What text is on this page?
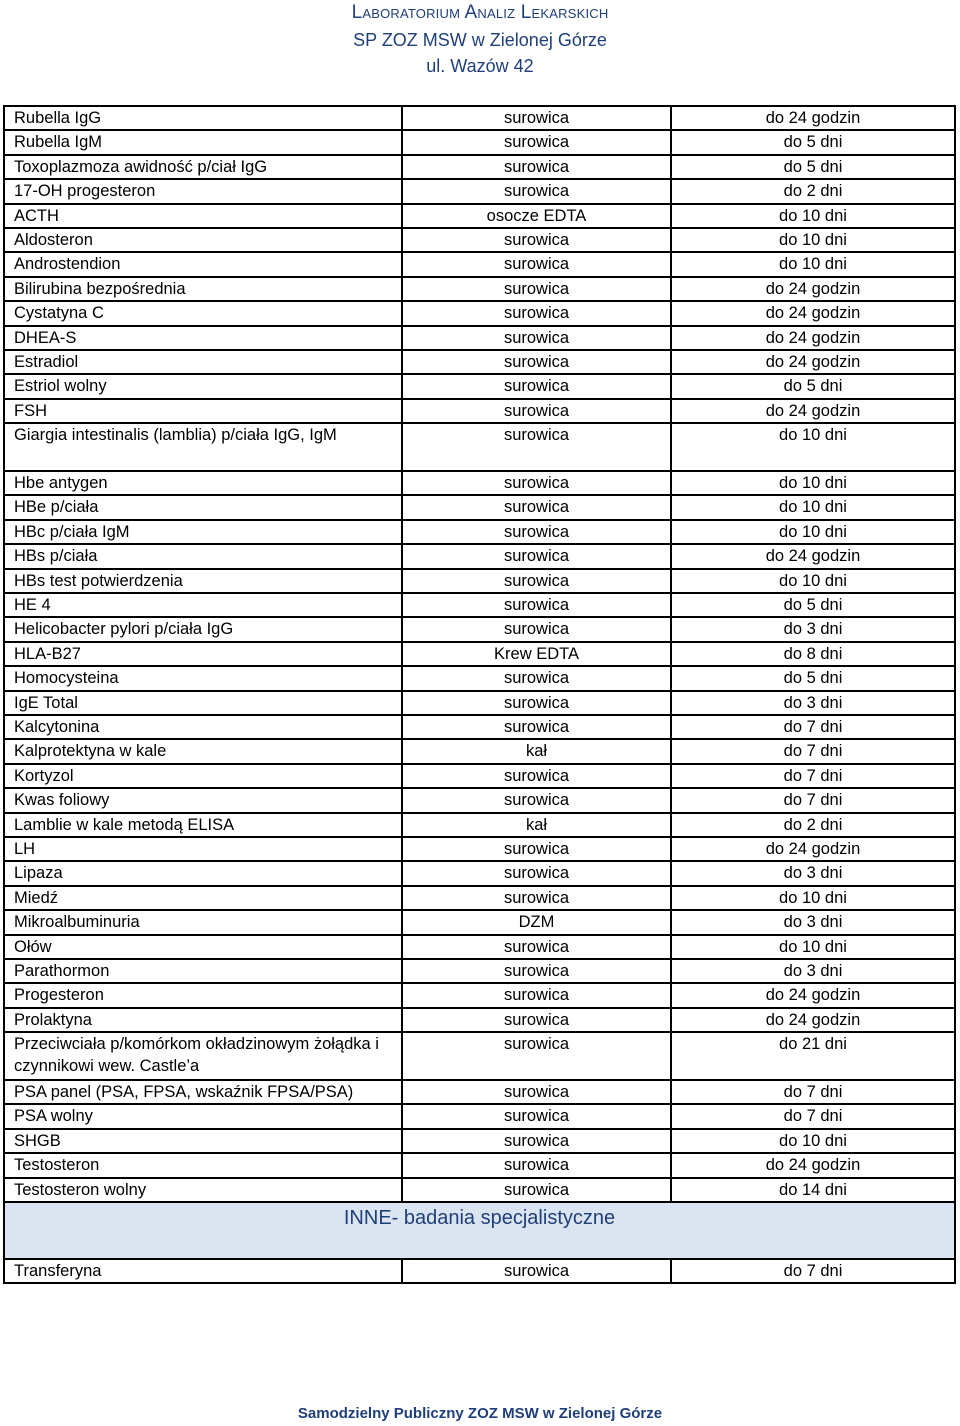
Laboratorium Analiz Lekarskich
SP ZOZ MSW w Zielonej Górze
ul. Wazów 42
Rubella IgG	surowica	do 24 godzin
Rubella IgM	surowica	do 5 dni
Toxoplazmoza awidność p/ciał IgG	surowica	do 5 dni
17-OH progesteron	surowica	do 2 dni
ACTH	osocze EDTA	do 10 dni
Aldosteron	surowica	do 10 dni
Androstendion	surowica	do 10 dni
Bilirubina bezpośrednia	surowica	do 24 godzin
Cystatyna C	surowica	do 24 godzin
DHEA-S	surowica	do 24 godzin
Estradiol	surowica	do 24 godzin
Estriol wolny	surowica	do 5 dni
FSH	surowica	do 24 godzin
Giargia intestinalis (lamblia) p/ciała IgG, IgM	surowica	do 10 dni
Hbe antygen	surowica	do 10 dni
HBe p/ciała	surowica	do 10 dni
HBc p/ciała IgM	surowica	do 10 dni
HBs p/ciała	surowica	do 24 godzin
HBs test potwierdzenia	surowica	do 10 dni
HE 4	surowica	do 5 dni
Helicobacter pylori p/ciała IgG	surowica	do 3 dni
HLA-B27	Krew EDTA	do 8 dni
Homocysteina	surowica	do 5 dni
IgE Total	surowica	do 3 dni
Kalcytonina	surowica	do 7 dni
Kalprotektyna w kale	kał	do 7 dni
Kortyzol	surowica	do 7 dni
Kwas foliowy	surowica	do 7 dni
Lamblie w kale metodą ELISA	kał	do 2 dni
LH	surowica	do 24 godzin
Lipaza	surowica	do 3 dni
Miedź	surowica	do 10 dni
Mikroalbuminuria	DZM	do 3 dni
Ołów	surowica	do 10 dni
Parathormon	surowica	do 3 dni
Progesteron	surowica	do 24 godzin
Prolaktyna	surowica	do 24 godzin
Przeciwciała p/komórkom okładzinowym żołądka i czynnikowi wew. Castle’a	surowica	do 21 dni
PSA panel (PSA, FPSA, wskaźnik FPSA/PSA)	surowica	do 7 dni
PSA wolny	surowica	do 7 dni
SHGB	surowica	do 10 dni
Testosteron	surowica	do 24 godzin
Testosteron wolny	surowica	do 14 dni
INNE- badania specjalistyczne		
Transferyna	surowica	do 7 dni
Samodzielny Publiczny ZOZ MSW w Zielonej Górze
